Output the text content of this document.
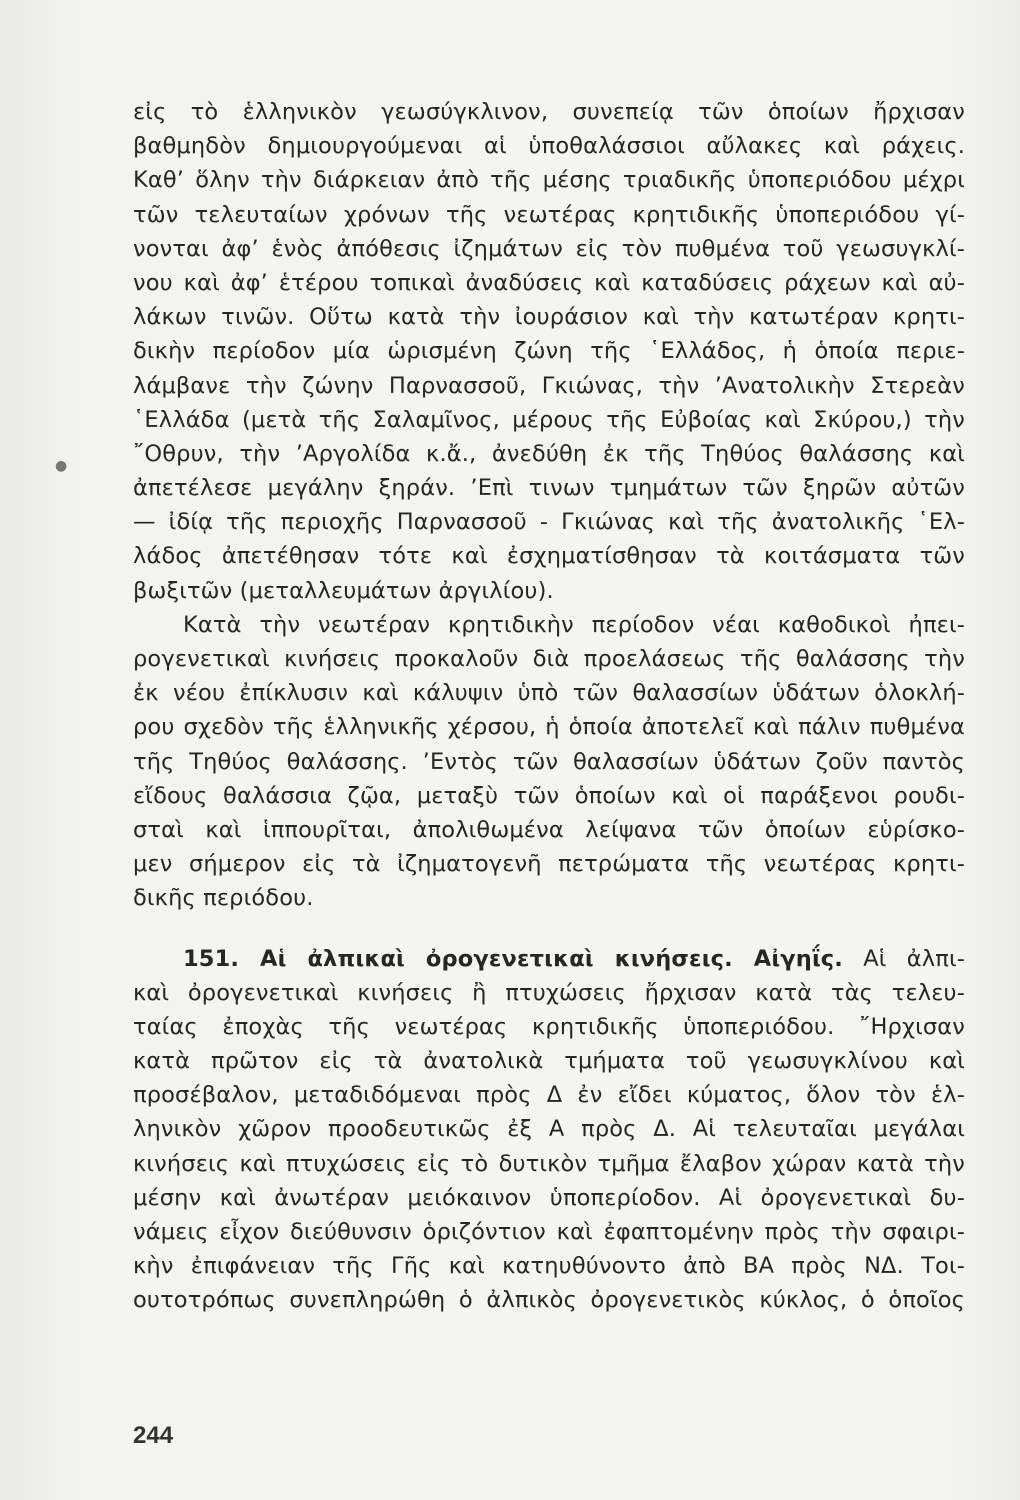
εἰς τὸ ἑλληνικὸν γεωσύγκλινον, συνεπείᾳ τῶν ὁποίων ἤρχισαν
βαθμηδὸν δημιουργούμεναι αἱ ὑποθαλάσσιοι αὔλακες καὶ ράχεις.
Καθ’ ὅλην τὴν διάρκειαν ἀπὸ τῆς μέσης τριαδικῆς ὑποπεριόδου μέχρι
τῶν τελευταίων χρόνων τῆς νεωτέρας κρητιδικῆς ὑποπεριόδου γί-
νονται ἀφ’ ἑνὸς ἀπόθεσις ἰζημάτων εἰς τὸν πυθμένα τοῦ γεωσυγκλί-
νου καὶ ἀφ’ ἑτέρου τοπικαὶ ἀναδύσεις καὶ καταδύσεις ράχεων καὶ αὐ-
λάκων τινῶν. Οὕτω κατὰ τὴν ἰουράσιον καὶ τὴν κατωτέραν κρητι-
δικὴν περίοδον μία ὡρισμένη ζώνη τῆς ῾Ελλάδος, ἡ ὁποία περιε-
λάμβανε τὴν ζώνην Παρνασσοῦ, Γκιώνας, τὴν ’Ανατολικὴν Στερεὰν
῾Ελλάδα (μετὰ τῆς Σαλαμῖνος, μέρους τῆς Εὐβοίας καὶ Σκύρου,) τὴν
῎Οθρυν, τὴν ’Αργολίδα κ.ἄ., ἀνεδύθη ἐκ τῆς Τηθύος θαλάσσης καὶ
ἀπετέλεσε μεγάλην ξηράν. ’Επὶ τινων τμημάτων τῶν ξηρῶν αὐτῶν
— ἰδίᾳ τῆς περιοχῆς Παρνασσοῦ - Γκιώνας καὶ τῆς ἀνατολικῆς ῾Ελ-
λάδος ἀπετέθησαν τότε καὶ ἐσχηματίσθησαν τὰ κοιτάσματα τῶν
βωξιτῶν (μεταλλευμάτων ἀργιλίου).
Κατὰ τὴν νεωτέραν κρητιδικὴν περίοδον νέαι καθοδικοὶ ἠπει-
ρογενετικαὶ κινήσεις προκαλοῦν διὰ προελάσεως τῆς θαλάσσης τὴν
ἐκ νέου ἐπίκλυσιν καὶ κάλυψιν ὑπὸ τῶν θαλασσίων ὑδάτων ὁλοκλή-
ρου σχεδὸν τῆς ἑλληνικῆς χέρσου, ἡ ὁποία ἀποτελεῖ καὶ πάλιν πυθμένα
τῆς Τηθύος θαλάσσης. ’Εντὸς τῶν θαλασσίων ὑδάτων ζοῦν παντὸς
εἴδους θαλάσσια ζῷα, μεταξὺ τῶν ὁποίων καὶ οἱ παράξενοι ρουδι-
σταὶ καὶ ἱππουρῖται, ἀπολιθωμένα λείψανα τῶν ὁποίων εὑρίσκο-
μεν σήμερον εἰς τὰ ἰζηματογενῆ πετρώματα τῆς νεωτέρας κρητι-
δικῆς περιόδου.
151. Αἱ ἀλπικαὶ ὀρογενετικαὶ κινήσεις. Αἰγηΐς. Αἱ ἀλπι-
καὶ ὀρογενετικαὶ κινήσεις ἢ πτυχώσεις ἤρχισαν κατὰ τὰς τελευ-
ταίας ἐποχὰς τῆς νεωτέρας κρητιδικῆς ὑποπεριόδου. ῎Ηρχισαν
κατὰ πρῶτον εἰς τὰ ἀνατολικὰ τμήματα τοῦ γεωσυγκλίνου καὶ
προσέβαλον, μεταδιδόμεναι πρὸς Δ ἐν εἴδει κύματος, ὅλον τὸν ἑλ-
ληνικὸν χῶρον προοδευτικῶς ἐξ Α πρὸς Δ. Αἱ τελευταῖαι μεγάλαι
κινήσεις καὶ πτυχώσεις εἰς τὸ δυτικὸν τμῆμα ἔλαβον χώραν κατὰ τὴν
μέσην καὶ ἀνωτέραν μειόκαινον ὑποπερίοδον. Αἱ ὀρογενετικαὶ δυ-
νάμεις εἶχον διεύθυνσιν ὁριζόντιον καὶ ἐφαπτομένην πρὸς τὴν σφαιρι-
κὴν ἐπιφάνειαν τῆς Γῆς καὶ κατηυθύνοντο ἀπὸ ΒΑ πρὸς ΝΔ. Τοι-
ουτοτρόπως συνεπληρώθη ὁ ἀλπικὸς ὀρογενετικὸς κύκλος, ὁ ὁποῖος
●
244
